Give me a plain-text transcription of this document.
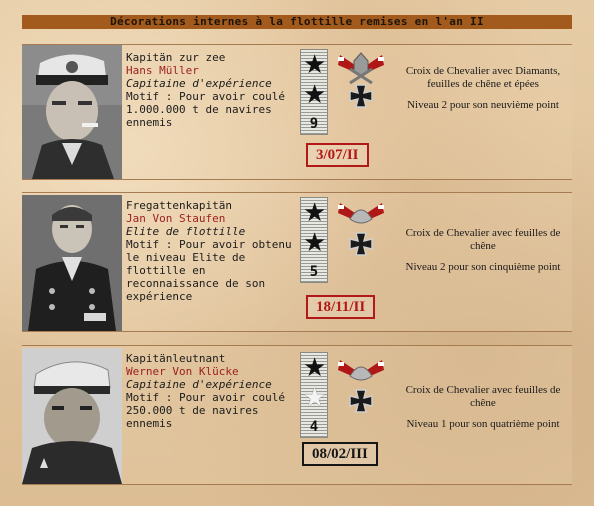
Décorations internes à la flottille remises en l'an II
Kapitän zur zee
Hans Müller
Capitaine d'expérience
Motif : Pour avoir coulé 1.000.000 t de navires ennemis
★
★
9
3/07/II

Croix de Chevalier avec Diamants, feuilles de chêne et épées

Niveau 2 pour son neuvième point

Fregattenkapitän
Jan Von Staufen
Elite de flottille
Motif : Pour avoir obtenu le niveau Elite de flottille en reconnaissance de son expérience
★
★
5
18/11/II

Croix de Chevalier avec feuilles de chêne

Niveau 2 pour son cinquième point

Kapitänleutnant
Werner Von Klücke
Capitaine d'expérience
Motif : Pour avoir coulé 250.000 t de navires ennemis
★
★
4
08/02/III

Croix de Chevalier avec feuilles de chêne

Niveau 1 pour son quatrième point
